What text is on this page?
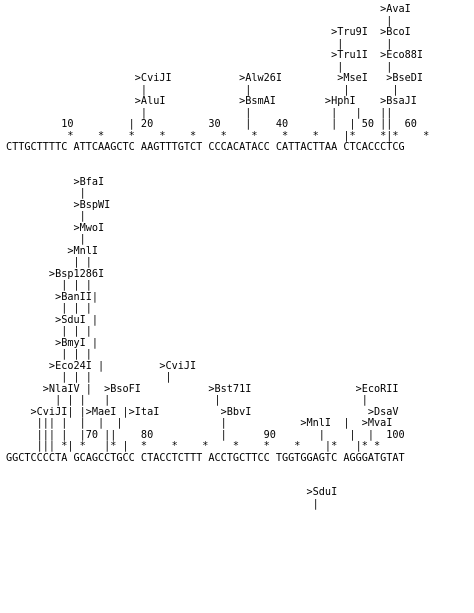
>AvaI
|
>Tru9I  >BcoI
|       |
>Tru1I  >Eco88I
|       |
>CviJI           >Alw26I         >MseI   >BseDI
|                |               |       |
>AluI            >BsmAI        >HphI    >BsaJI
|                |             |   |   ||
10         | 20         30    |    40       |  | 50 ||  60
*    *    *    *    *    *    *    *    *    |*    *|*    *
CTTGCTTTTC ATTCAAGCTC AAGTTTGTCT CCCACATACC CATTACTTAA CTCACCCTCG

>BfaI
|
>BspWI
|
>MwoI
|
>MnlI
| |
>Bsp1286I
| | |
>BanII|
| | |
>SduI |
| | |
>BmyI |
| | |
>Eco24I |         >CviJI
| | |            |
>NlaIV |  >BsoFI           >Bst71I                 >EcoRII
| | |   |                 |                       |
>CviJI| |>MaeI |>ItaI          >BbvI                   >DsaV
||| |  |  |  |                |            >MnlI  |  >MvaI
||| |  |70 ||    80           |      90       |    |  |  100
||| *| *   |* |  *    *    *    *    *    *    |*   |* *
GGCTCCCCTA GCAGCCTGCC CTACCTCTTT ACCTGCTTCC TGGTGGAGTC AGGGATGTAT

>SduI
|
